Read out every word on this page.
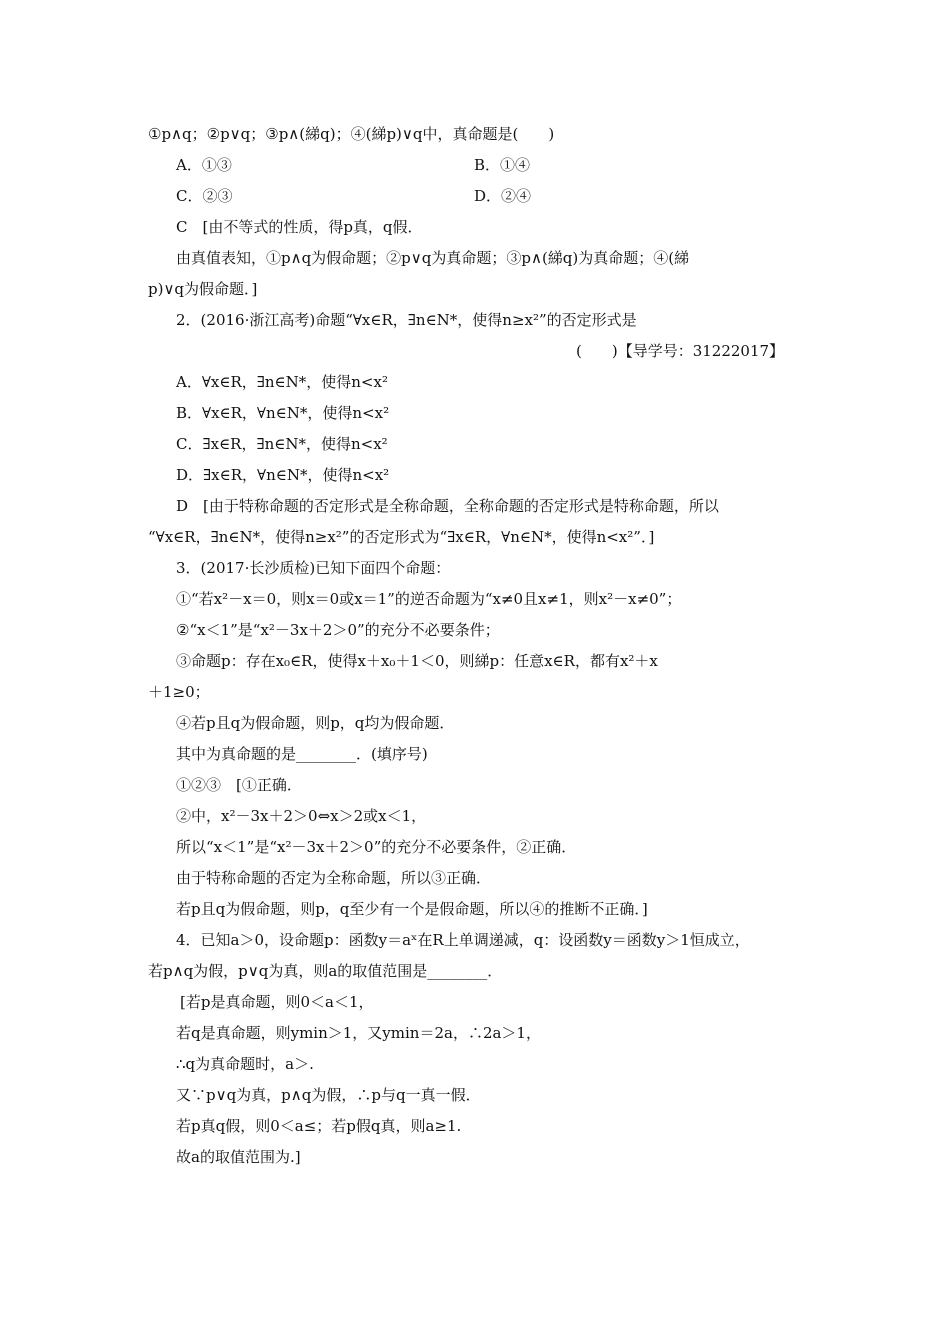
①p∧q；②p∨q；③p∧(綈q)；④(綈p)∨q中，真命题是(　　)
A．①③	B．①④
C．②③	D．②④
C　[由不等式的性质，得p真，q假．
由真值表知，①p∧q为假命题；②p∨q为真命题；③p∧(綈q)为真命题；④(綈
p)∨q为假命题．]
2．(2016·浙江高考)命题“∀x∈R，∃n∈N*，使得n≥x²”的否定形式是
(　　)【导学号：31222017】
A．∀x∈R，∃n∈N*，使得n<x²
B．∀x∈R，∀n∈N*，使得n<x²
C．∃x∈R，∃n∈N*，使得n<x²
D．∃x∈R，∀n∈N*，使得n<x²
D　[由于特称命题的否定形式是全称命题，全称命题的否定形式是特称命题，所以
“∀x∈R，∃n∈N*，使得n≥x²”的否定形式为“∃x∈R，∀n∈N*，使得n<x²”．]
3．(2017·长沙质检)已知下面四个命题：
①“若x²－x＝0，则x＝0或x＝1”的逆否命题为“x≠0且x≠1，则x²－x≠0”；
②“x＜1”是“x²－3x＋2＞0”的充分不必要条件；
③命题p：存在x₀∈R，使得x＋x₀＋1＜0，则綈p：任意x∈R，都有x²＋x
＋1≥0；
④若p且q为假命题，则p，q均为假命题．
其中为真命题的是________．(填序号)
①②③　[①正确．
②中，x²－3x＋2＞0⇔x＞2或x＜1，
所以“x＜1”是“x²－3x＋2＞0”的充分不必要条件，②正确．
由于特称命题的否定为全称命题，所以③正确．
若p且q为假命题，则p，q至少有一个是假命题，所以④的推断不正确．]
4．已知a＞0，设命题p：函数y＝aˣ在R上单调递减，q：设函数y＝函数y＞1恒成立，
若p∧q为假，p∨q为真，则a的取值范围是________．
[若p是真命题，则0＜a＜1，
若q是真命题，则ymin＞1，又ymin＝2a，∴2a＞1，
∴q为真命题时，a＞.
又∵p∨q为真，p∧q为假，∴p与q一真一假．
若p真q假，则0＜a≤；若p假q真，则a≥1.
故a的取值范围为.]
